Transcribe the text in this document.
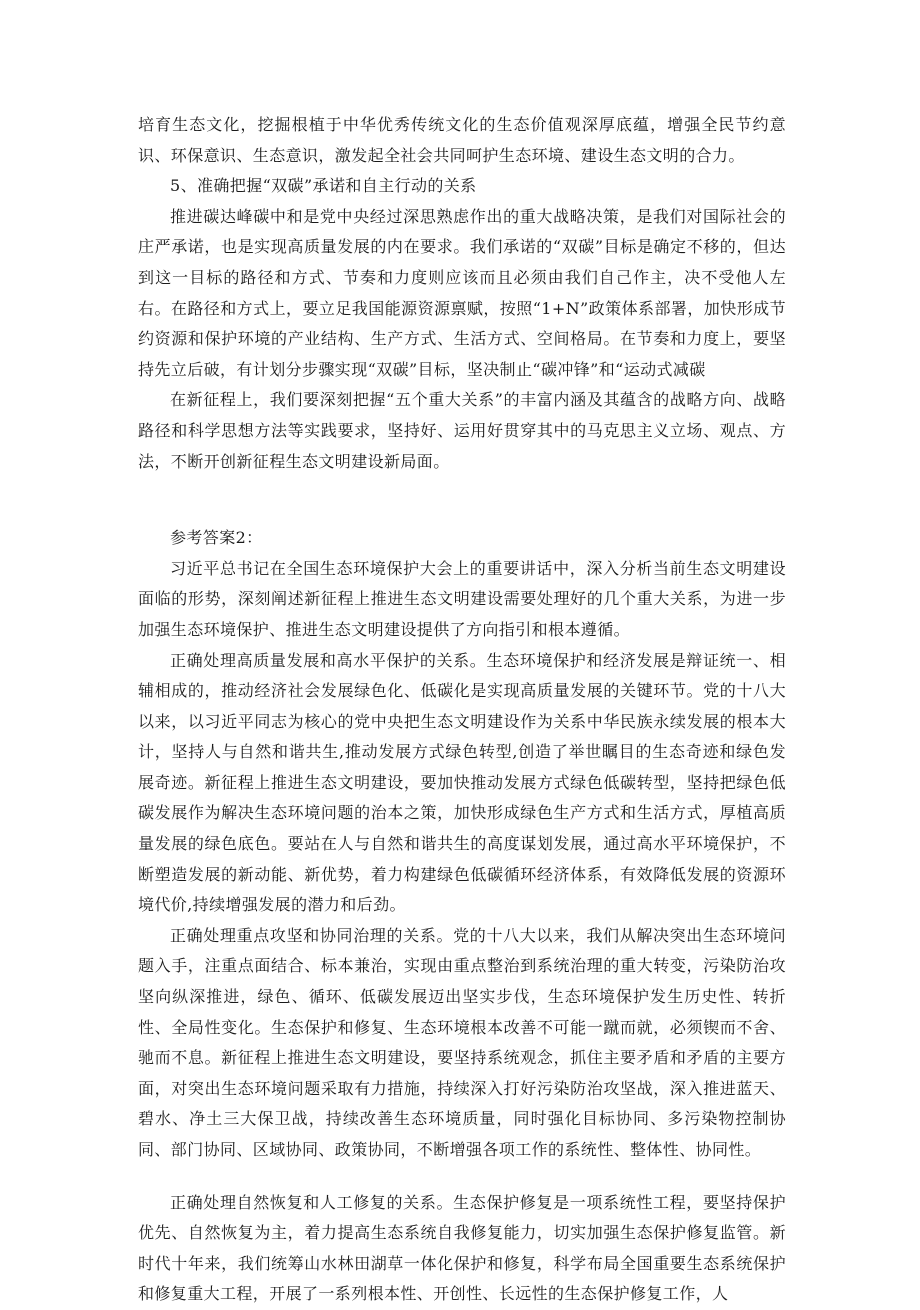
培育生态文化，挖掘根植于中华优秀传统文化的生态价值观深厚底蕴，增强全民节约意识、环保意识、生态意识，激发起全社会共同呵护生态环境、建设生态文明的合力。

5、准确把握“双碳”承诺和自主行动的关系

推进碳达峰碳中和是党中央经过深思熟虑作出的重大战略决策，是我们对国际社会的庄严承诺，也是实现高质量发展的内在要求。我们承诺的“双碳”目标是确定不移的，但达到这一目标的路径和方式、节奏和力度则应该而且必须由我们自己作主，决不受他人左右。在路径和方式上，要立足我国能源资源禀赋，按照“1+N”政策体系部署，加快形成节约资源和保护环境的产业结构、生产方式、生活方式、空间格局。在节奏和力度上，要坚持先立后破，有计划分步骤实现“双碳”目标，坚决制止“碳冲锋”和“运动式减碳

在新征程上，我们要深刻把握“五个重大关系”的丰富内涵及其蕴含的战略方向、战略路径和科学思想方法等实践要求，坚持好、运用好贯穿其中的马克思主义立场、观点、方法，不断开创新征程生态文明建设新局面。

参考答案2：

习近平总书记在全国生态环境保护大会上的重要讲话中，深入分析当前生态文明建设面临的形势，深刻阐述新征程上推进生态文明建设需要处理好的几个重大关系，为进一步加强生态环境保护、推进生态文明建设提供了方向指引和根本遵循。

正确处理高质量发展和高水平保护的关系。生态环境保护和经济发展是辩证统一、相辅相成的，推动经济社会发展绿色化、低碳化是实现高质量发展的关键环节。党的十八大以来，以习近平同志为核心的党中央把生态文明建设作为关系中华民族永续发展的根本大计，坚持人与自然和谐共生,推动发展方式绿色转型,创造了举世瞩目的生态奇迹和绿色发展奇迹。新征程上推进生态文明建设，要加快推动发展方式绿色低碳转型，坚持把绿色低碳发展作为解决生态环境问题的治本之策，加快形成绿色生产方式和生活方式，厚植高质量发展的绿色底色。要站在人与自然和谐共生的高度谋划发展，通过高水平环境保护，不断塑造发展的新动能、新优势，着力构建绿色低碳循环经济体系，有效降低发展的资源环境代价,持续增强发展的潜力和后劲。

正确处理重点攻坚和协同治理的关系。党的十八大以来，我们从解决突出生态环境问题入手，注重点面结合、标本兼治，实现由重点整治到系统治理的重大转变，污染防治攻坚向纵深推进，绿色、循环、低碳发展迈出坚实步伐，生态环境保护发生历史性、转折性、全局性变化。生态保护和修复、生态环境根本改善不可能一蹴而就，必须锲而不舍、驰而不息。新征程上推进生态文明建设，要坚持系统观念，抓住主要矛盾和矛盾的主要方面，对突出生态环境问题采取有力措施，持续深入打好污染防治攻坚战，深入推进蓝天、碧水、净土三大保卫战，持续改善生态环境质量，同时强化目标协同、多污染物控制协同、部门协同、区域协同、政策协同，不断增强各项工作的系统性、整体性、协同性。

正确处理自然恢复和人工修复的关系。生态保护修复是一项系统性工程，要坚持保护优先、自然恢复为主，着力提高生态系统自我修复能力，切实加强生态保护修复监管。新时代十年来，我们统筹山水林田湖草一体化保护和修复，科学布局全国重要生态系统保护和修复重大工程，开展了一系列根本性、开创性、长远性的生态保护修复工作，人
